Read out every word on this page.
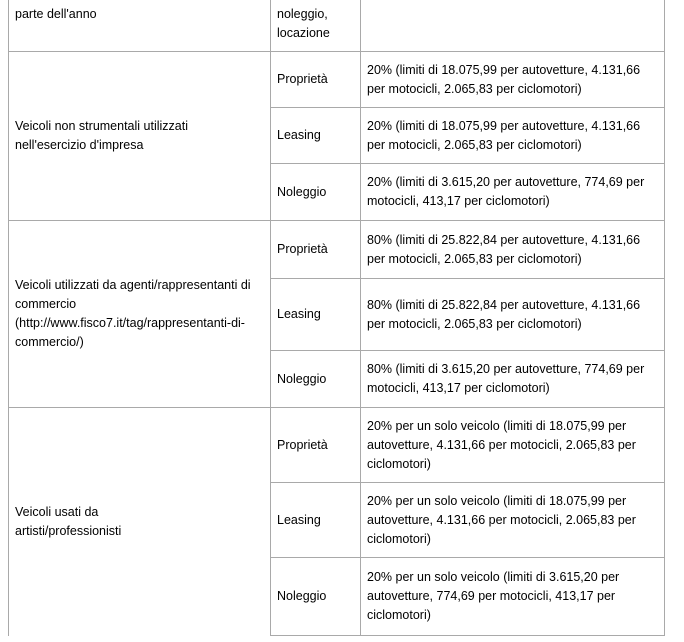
parte dell'anno	noleggio, locazione	

Veicoli non strumentali utilizzati nell'esercizio d'impresa	Proprietà	20% (limiti di 18.075,99 per autovetture, 4.131,66 per motocicli, 2.065,83 per ciclomotori)

	Leasing	20% (limiti di 18.075,99 per autovetture, 4.131,66 per motocicli, 2.065,83 per ciclomotori)

	Noleggio	20% (limiti di 3.615,20 per autovetture, 774,69 per motocicli, 413,17 per ciclomotori)

Veicoli utilizzati da agenti/rappresentanti di commercio (http://www.fisco7.it/tag/rappresentanti-di-commercio/)	Proprietà	80% (limiti di 25.822,84 per autovetture, 4.131,66 per motocicli, 2.065,83 per ciclomotori)

	Leasing	80% (limiti di 25.822,84 per autovetture, 4.131,66 per motocicli, 2.065,83 per ciclomotori)

	Noleggio	80% (limiti di 3.615,20 per autovetture, 774,69 per motocicli, 413,17 per ciclomotori)

Veicoli usati da artisti/professionisti	Proprietà	20% per un solo veicolo (limiti di 18.075,99 per autovetture, 4.131,66 per motocicli, 2.065,83 per ciclomotori)

	Leasing	20% per un solo veicolo (limiti di 18.075,99 per autovetture, 4.131,66 per motocicli, 2.065,83 per ciclomotori)

	Noleggio	20% per un solo veicolo (limiti di 3.615,20 per autovetture, 774,69 per motocicli, 413,17 per ciclomotori)
